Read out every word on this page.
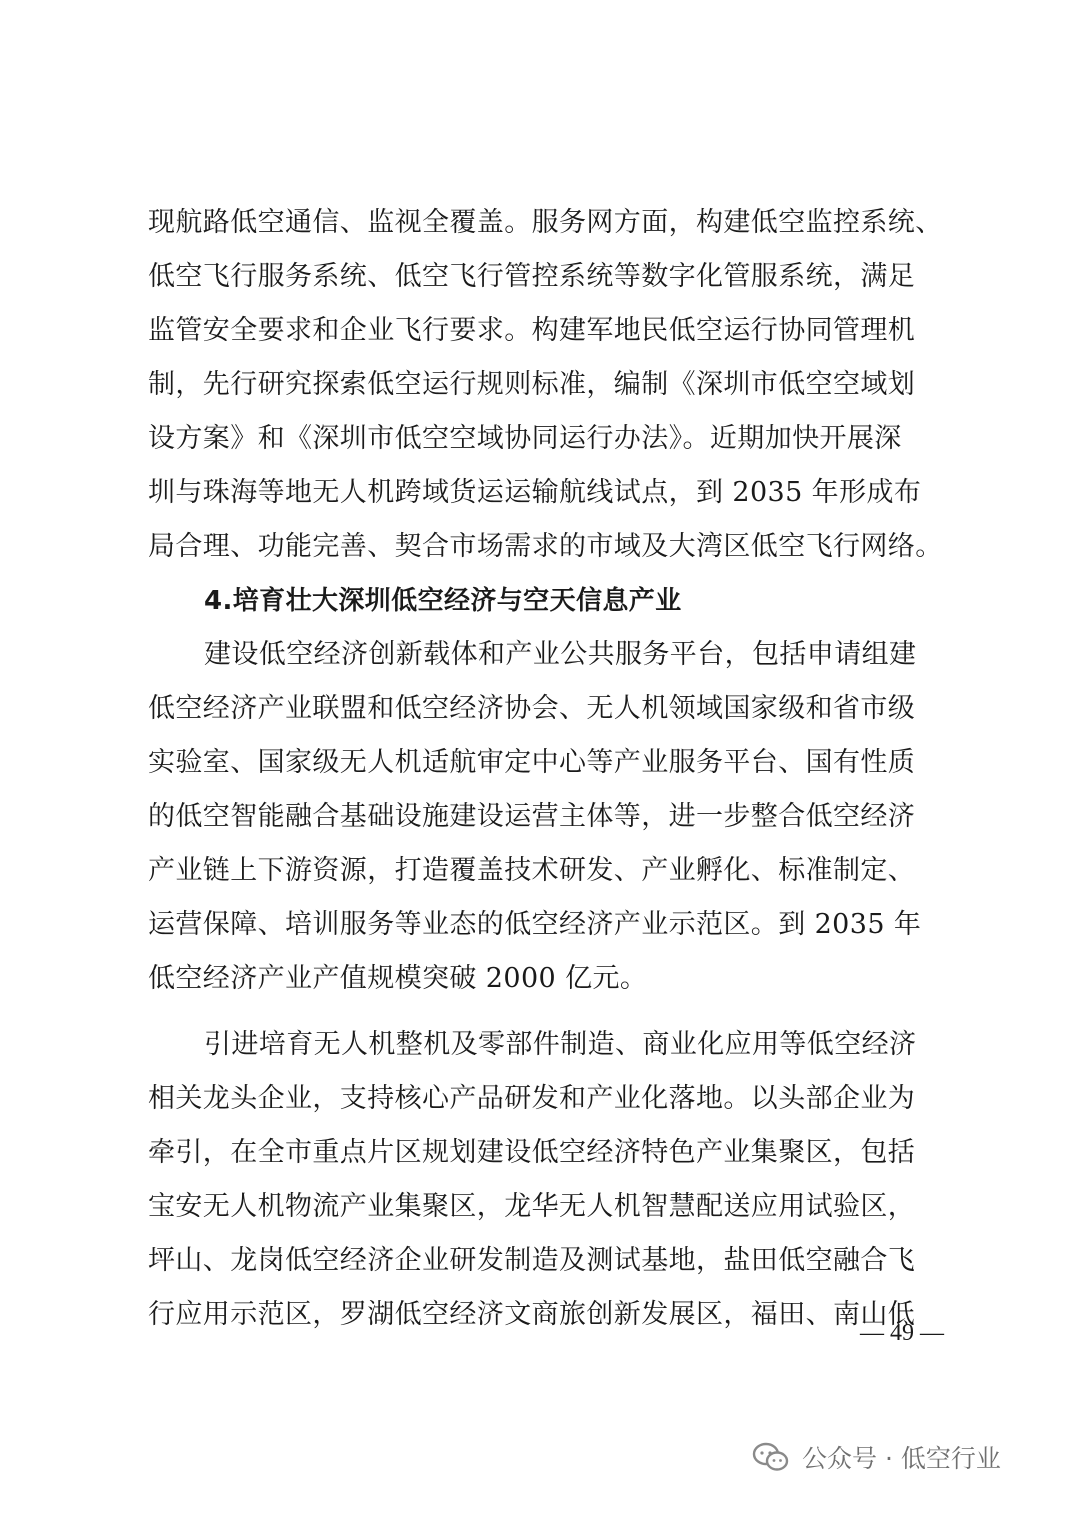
现航路低空通信、监视全覆盖。服务网方面，构建低空监控系统、
低空飞行服务系统、低空飞行管控系统等数字化管服系统，满足
监管安全要求和企业飞行要求。构建军地民低空运行协同管理机
制，先行研究探索低空运行规则标准，编制《深圳市低空空域划
设方案》和《深圳市低空空域协同运行办法》。近期加快开展深
圳与珠海等地无人机跨域货运运输航线试点，到 2035 年形成布
局合理、功能完善、契合市场需求的市域及大湾区低空飞行网络。
4.培育壮大深圳低空经济与空天信息产业
建设低空经济创新载体和产业公共服务平台，包括申请组建
低空经济产业联盟和低空经济协会、无人机领域国家级和省市级
实验室、国家级无人机适航审定中心等产业服务平台、国有性质
的低空智能融合基础设施建设运营主体等，进一步整合低空经济
产业链上下游资源，打造覆盖技术研发、产业孵化、标准制定、
运营保障、培训服务等业态的低空经济产业示范区。到 2035 年
低空经济产业产值规模突破 2000 亿元。
引进培育无人机整机及零部件制造、商业化应用等低空经济
相关龙头企业，支持核心产品研发和产业化落地。以头部企业为
牵引，在全市重点片区规划建设低空经济特色产业集聚区，包括
宝安无人机物流产业集聚区，龙华无人机智慧配送应用试验区，
坪山、龙岗低空经济企业研发制造及测试基地，盐田低空融合飞
行应用示范区，罗湖低空经济文商旅创新发展区，福田、南山低
— 49 —
公众号 · 低空行业
